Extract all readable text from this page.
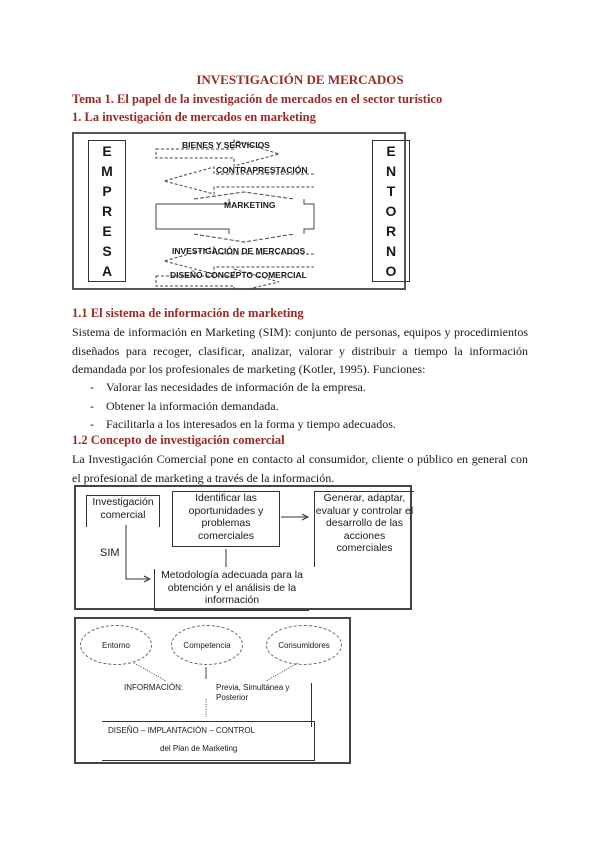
INVESTIGACIÓN DE MERCADOS
Tema 1. El papel de la investigación de mercados en el sector turístico
1. La investigación de mercados en marketing
E
M
P
R
E
S
A
E
N
T
O
R
N
O
BIENES Y SERVICIOS
CONTRAPRESTACIÓN
MARKETING
INVESTIGACIÓN DE MERCADOS
DISEÑO CONCEPTO COMERCIAL
1.1 El sistema de información de marketing
Sistema de información en Marketing (SIM): conjunto de personas, equipos y procedimientos diseñados para recoger, clasificar, analizar, valorar y distribuir a tiempo la información demandada por los profesionales de marketing (Kotler, 1995). Funciones:
-    Valorar las necesidades de información de la empresa.
-    Obtener la información demandada.
-    Facilitarla a los interesados en la forma y tiempo adecuados.
1.2 Concepto de investigación comercial
La Investigación Comercial pone en contacto al consumidor, cliente o público en general con el profesional de marketing a través de la información.
Investigación comercial
SIM
Identificar las oportunidades y problemas comerciales
Generar, adaptar, evaluar y controlar el desarrollo de las acciones comerciales
Metodología adecuada para la obtención y el análisis de la información
Entorno	Competencia	Consumidores
INFORMACIÓN:	Previa, Simultánea y Posterior
DISEÑO – IMPLANTACIÓN – CONTROL
del Plan de Marketing
